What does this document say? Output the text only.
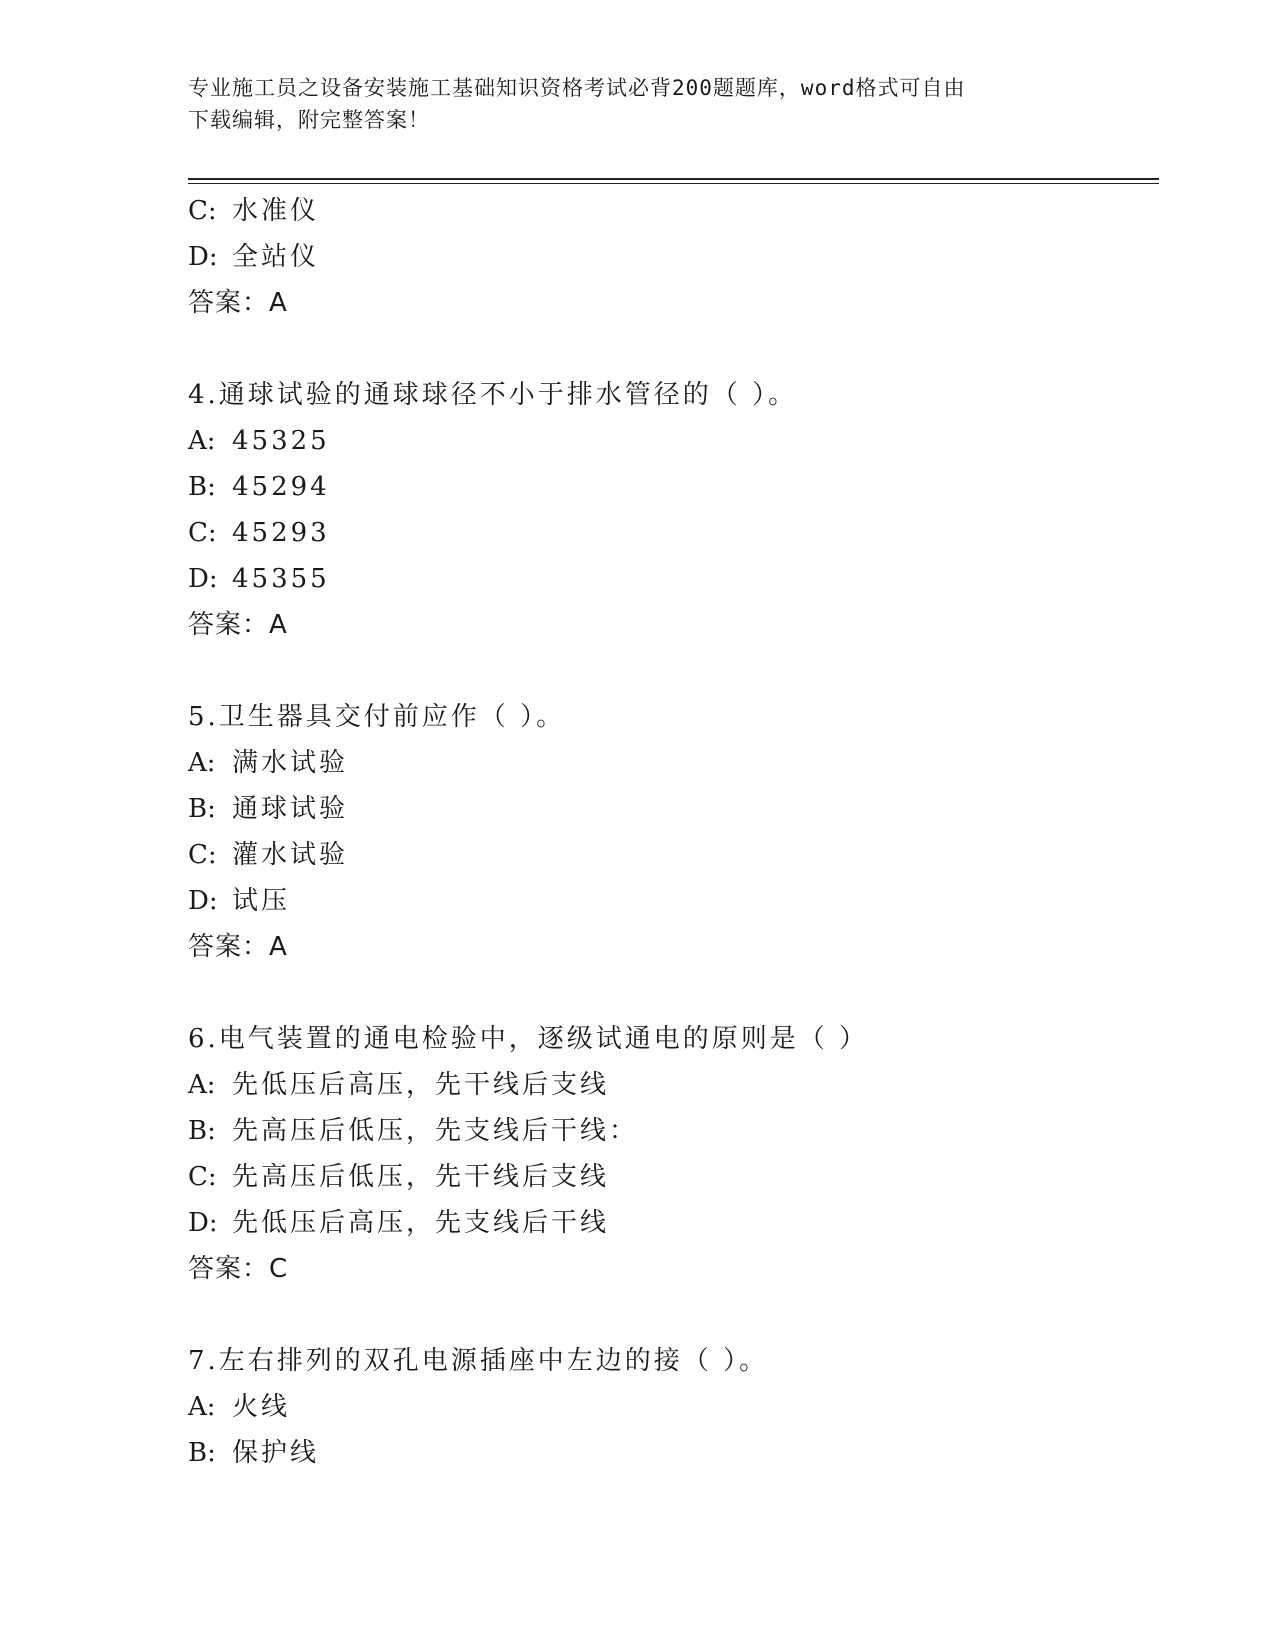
专业施工员之设备安装施工基础知识资格考试必背200题题库，word格式可自由
下载编辑，附完整答案！
C: 水准仪
D: 全站仪
答案：A
4.通球试验的通球球径不小于排水管径的（ ）。
A: 45325
B: 45294
C: 45293
D: 45355
答案：A
5.卫生器具交付前应作（ ）。
A: 满水试验
B: 通球试验
C: 灌水试验
D: 试压
答案：A
6.电气装置的通电检验中，逐级试通电的原则是（ ）
A: 先低压后高压，先干线后支线
B: 先高压后低压，先支线后干线：
C: 先高压后低压，先干线后支线
D: 先低压后高压，先支线后干线
答案：C
7.左右排列的双孔电源插座中左边的接（ ）。
A: 火线
B: 保护线
